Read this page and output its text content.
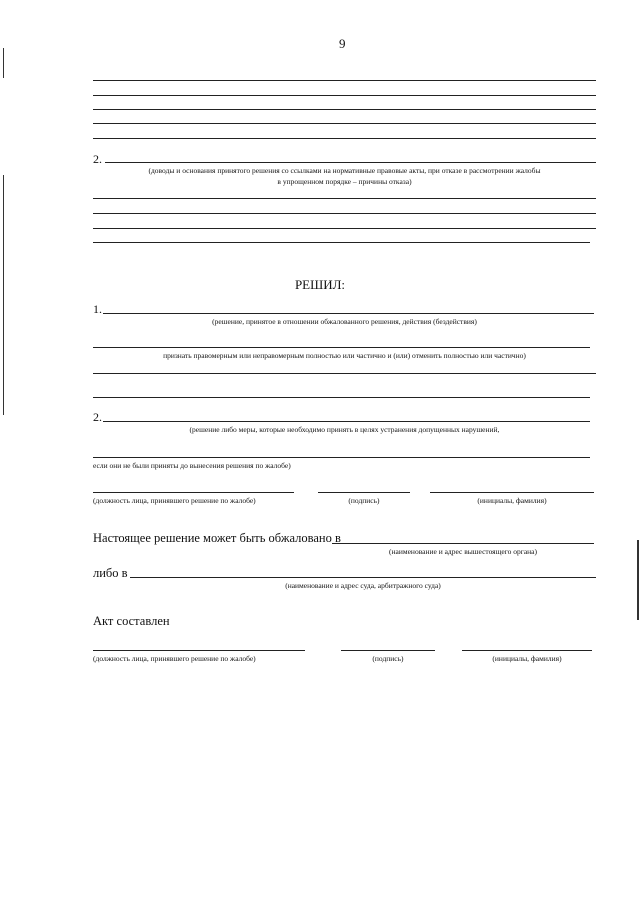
9
2.
(доводы и основания принятого решения со ссылками на нормативные правовые акты, при отказе в рассмотрении жалобы
в упрощенном порядке – причины отказа)
РЕШИЛ:
1.
(решение, принятое в отношении обжалованного решения, действия (бездействия)
признать правомерным или неправомерным полностью или частично и (или) отменить полностью или частично)
2.
(решение либо меры, которые необходимо принять в целях устранения допущенных нарушений,
если они не были приняты до вынесения решения по жалобе)
(должность лица, принявшего решение по жалобе)	(подпись)	(инициалы, фамилия)
Настоящее решение может быть обжаловано в
(наименование и адрес вышестоящего органа)
либо в
(наименование и адрес суда, арбитражного суда)
Акт составлен
(должность лица, принявшего решение по жалобе)	(подпись)	(инициалы, фамилия)
